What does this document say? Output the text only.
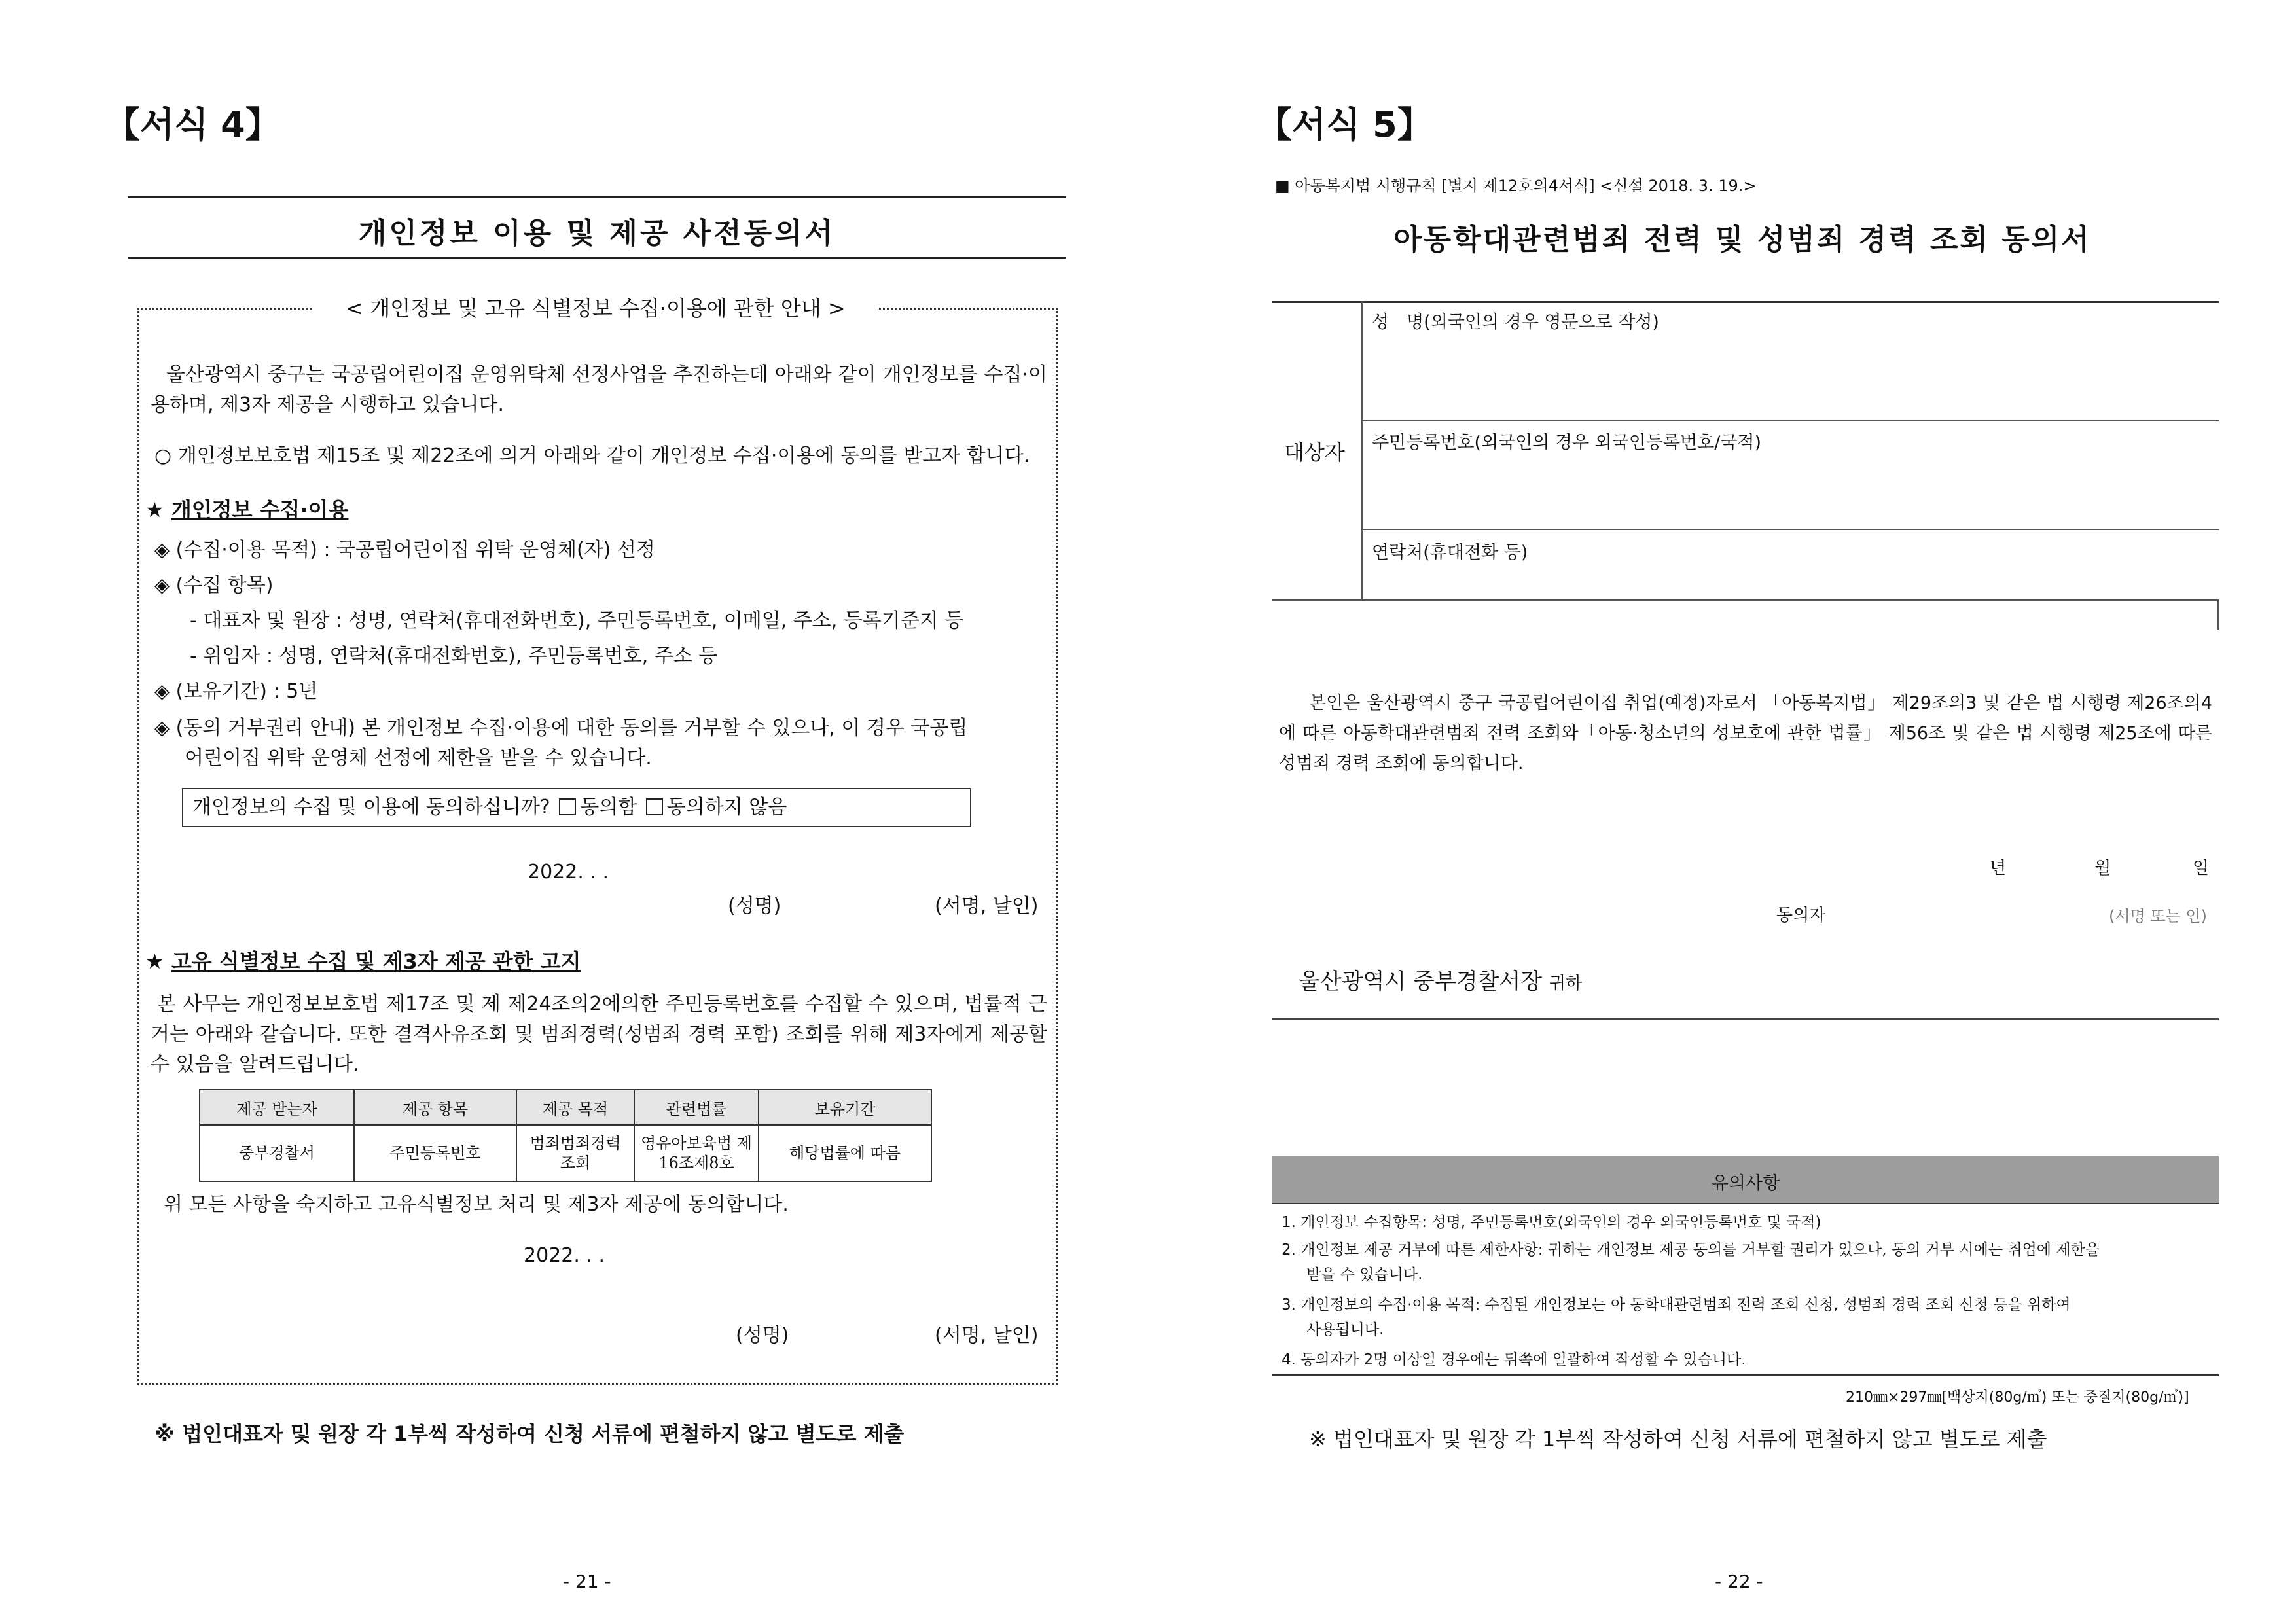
【서식 4】
개인정보 이용 및 제공 사전동의서
< 개인정보 및 고유 식별정보 수집·이용에 관한 안내 >
울산광역시 중구는 국공립어린이집 운영위탁체 선정사업을 추진하는데 아래와 같이 개인정보를 수집·이용하며, 제3자 제공을 시행하고 있습니다.
○ 개인정보보호법 제15조 및 제22조에 의거 아래와 같이 개인정보 수집·이용에 동의를 받고자 합니다.
★ 개인정보 수집·이용
◈ (수집·이용 목적) : 국공립어린이집 위탁 운영체(자) 선정
◈ (수집 항목)
- 대표자 및 원장 : 성명, 연락처(휴대전화번호), 주민등록번호, 이메일, 주소, 등록기준지 등
- 위임자 : 성명, 연락처(휴대전화번호), 주민등록번호, 주소 등
◈ (보유기간) : 5년
◈ (동의 거부권리 안내) 본 개인정보 수집·이용에 대한 동의를 거부할 수 있으나, 이 경우 국공립
어린이집 위탁 운영체 선정에 제한을 받을 수 있습니다.
개인정보의 수집 및 이용에 동의하십니까? 동의함 동의하지 않음
2022. . .
(성명)	(서명, 날인)
★ 고유 식별정보 수집 및 제3자 제공 관한 고지
본 사무는 개인정보보호법 제17조 및 제 제24조의2에의한 주민등록번호를 수집할 수 있으며, 법률적 근거는 아래와 같습니다. 또한 결격사유조회 및 범죄경력(성범죄 경력 포함) 조회를 위해 제3자에게 제공할수 있음을 알려드립니다.
제공 받는자	제공 항목	제공 목적	관련법률	보유기간
중부경찰서	주민등록번호	범죄범죄경력 조회	영유아보육법 제16조제8호	해당법률에 따름
위 모든 사항을 숙지하고 고유식별정보 처리 및 제3자 제공에 동의합니다.
2022. . .
(성명)	(서명, 날인)
※ 법인대표자 및 원장 각 1부씩 작성하여 신청 서류에 편철하지 않고 별도로 제출
- 21 -
【서식 5】
■ 아동복지법 시행규칙 [별지 제12호의4서식] <신설 2018. 3. 19.>
아동학대관련범죄 전력 및 성범죄 경력 조회 동의서
대상자
성　명(외국인의 경우 영문으로 작성)
주민등록번호(외국인의 경우 외국인등록번호/국적)
연락처(휴대전화 등)
본인은 울산광역시 중구 국공립어린이집 취업(예정)자로서 「아동복지법」 제29조의3 및 같은 법 시행령 제26조의4에 따른 아동학대관련범죄 전력 조회와「아동·청소년의 성보호에 관한 법률」 제56조 및 같은 법 시행령 제25조에 따른 성범죄 경력 조회에 동의합니다.
년	월	일
동의자	(서명 또는 인)
울산광역시 중부경찰서장 귀하
유의사항
1. 개인정보 수집항목: 성명, 주민등록번호(외국인의 경우 외국인등록번호 및 국적)
2. 개인정보 제공 거부에 따른 제한사항: 귀하는 개인정보 제공 동의를 거부할 권리가 있으나, 동의 거부 시에는 취업에 제한을
받을 수 있습니다.
3. 개인정보의 수집·이용 목적: 수집된 개인정보는 아 동학대관련범죄 전력 조회 신청, 성범죄 경력 조회 신청 등을 위하여
사용됩니다.
4. 동의자가 2명 이상일 경우에는 뒤쪽에 일괄하여 작성할 수 있습니다.
210㎜×297㎜[백상지(80g/㎡) 또는 중질지(80g/㎡)]
※ 법인대표자 및 원장 각 1부씩 작성하여 신청 서류에 편철하지 않고 별도로 제출
- 22 -
